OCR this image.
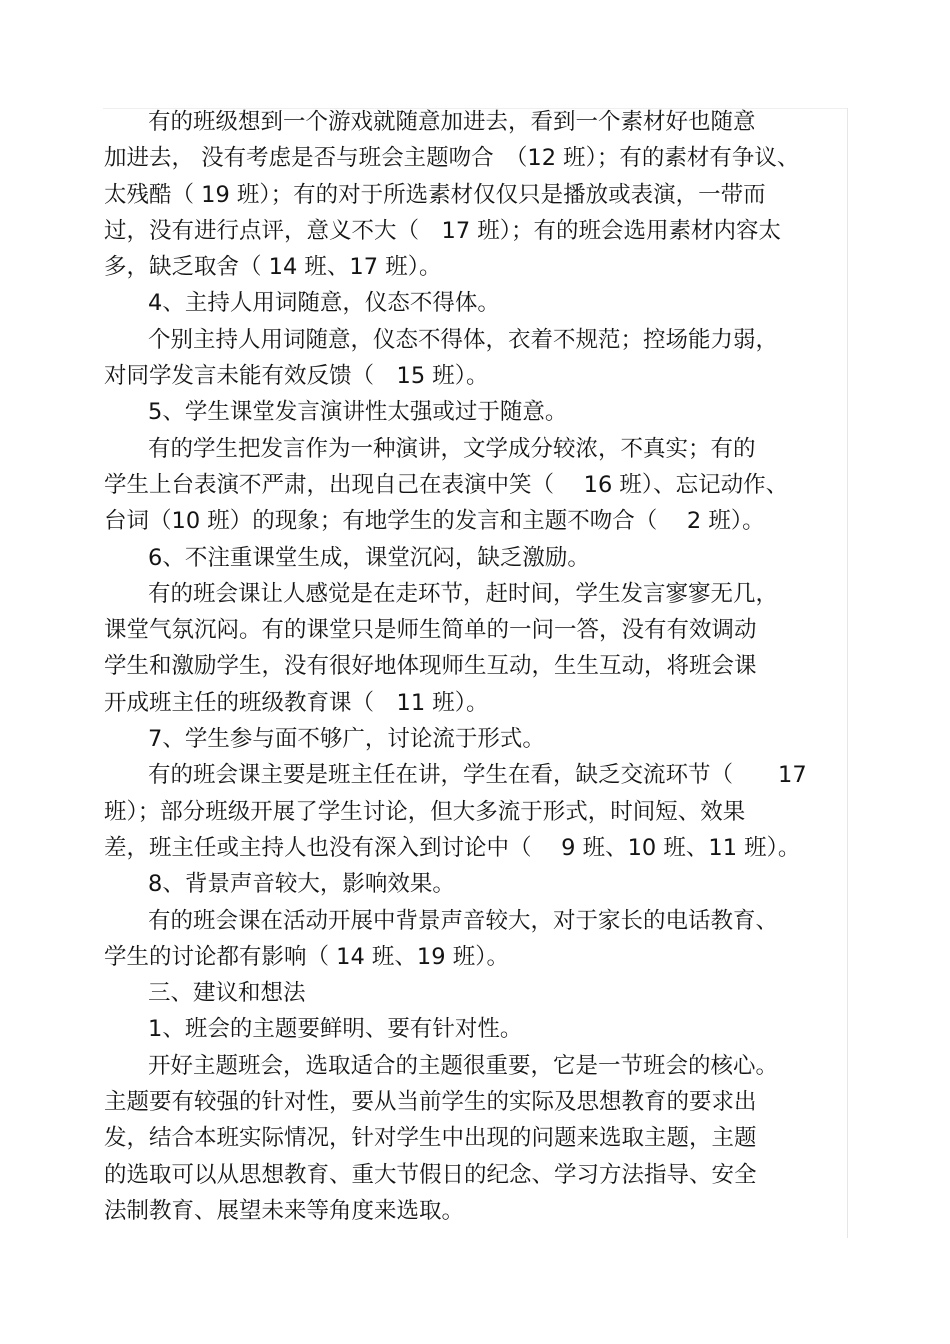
有的班级想到一个游戏就随意加进去，看到一个素材好也随意
加进去， 没有考虑是否与班会主题吻合　（12 班）；有的素材有争议、
太残酷（ 19 班）；有的对于所选素材仅仅只是播放或表演，一带而
过，没有进行点评，意义不大（　17 班）；有的班会选用素材内容太
多，缺乏取舍（ 14 班、17 班）。
4、主持人用词随意，仪态不得体。
个别主持人用词随意，仪态不得体，衣着不规范；控场能力弱，
对同学发言未能有效反馈（　15 班）。
5、学生课堂发言演讲性太强或过于随意。
有的学生把发言作为一种演讲，文学成分较浓，不真实；有的
学生上台表演不严肃，出现自己在表演中笑（　 16 班）、忘记动作、
台词（10 班）的现象；有地学生的发言和主题不吻合（　 2 班）。
6、不注重课堂生成，课堂沉闷，缺乏激励。
有的班会课让人感觉是在走环节，赶时间，学生发言寥寥无几，
课堂气氛沉闷。有的课堂只是师生简单的一问一答，没有有效调动
学生和激励学生，没有很好地体现师生互动，生生互动，将班会课
开成班主任的班级教育课（　11 班）。
7、学生参与面不够广，讨论流于形式。
有的班会课主要是班主任在讲，学生在看，缺乏交流环节（　　17
班）；部分班级开展了学生讨论，但大多流于形式，时间短、效果
差，班主任或主持人也没有深入到讨论中（　 9 班、10 班、11 班）。
8、背景声音较大，影响效果。
有的班会课在活动开展中背景声音较大，对于家长的电话教育、
学生的讨论都有影响（ 14 班、19 班）。
三、建议和想法
1、班会的主题要鲜明、要有针对性。
开好主题班会，选取适合的主题很重要，它是一节班会的核心。
主题要有较强的针对性，要从当前学生的实际及思想教育的要求出
发，结合本班实际情况，针对学生中出现的问题来选取主题，主题
的选取可以从思想教育、重大节假日的纪念、学习方法指导、安全
法制教育、展望未来等角度来选取。
